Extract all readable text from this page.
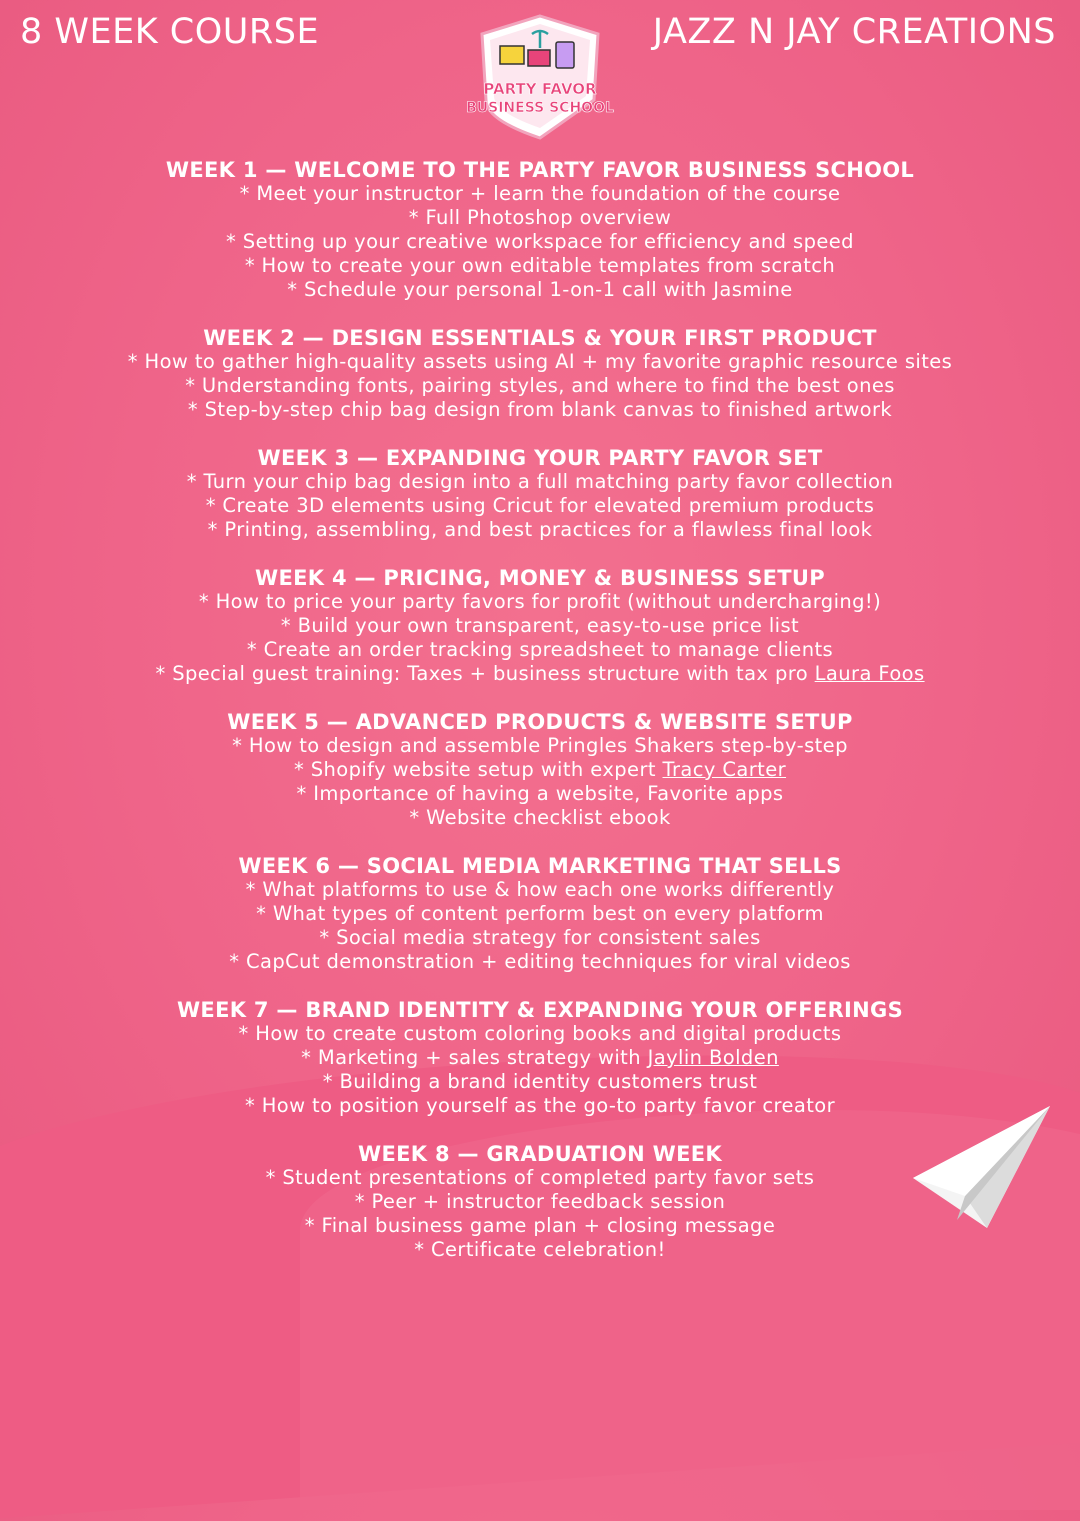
8 WEEK COURSE	JAZZ N JAY CREATIONS
PARTY FAVOR
BUSINESS SCHOOL
WEEK 1 — WELCOME TO THE PARTY FAVOR BUSINESS SCHOOL
* Meet your instructor + learn the foundation of the course
* Full Photoshop overview
* Setting up your creative workspace for efficiency and speed
* How to create your own editable templates from scratch
* Schedule your personal 1-on-1 call with Jasmine
WEEK 2 — DESIGN ESSENTIALS & YOUR FIRST PRODUCT
* How to gather high-quality assets using AI + my favorite graphic resource sites
* Understanding fonts, pairing styles, and where to find the best ones
* Step-by-step chip bag design from blank canvas to finished artwork
WEEK 3 — EXPANDING YOUR PARTY FAVOR SET
* Turn your chip bag design into a full matching party favor collection
* Create 3D elements using Cricut for elevated premium products
* Printing, assembling, and best practices for a flawless final look
WEEK 4 — PRICING, MONEY & BUSINESS SETUP
* How to price your party favors for profit (without undercharging!)
* Build your own transparent, easy-to-use price list
* Create an order tracking spreadsheet to manage clients
* Special guest training: Taxes + business structure with tax pro Laura Foos
WEEK 5 — ADVANCED PRODUCTS & WEBSITE SETUP
* How to design and assemble Pringles Shakers step-by-step
* Shopify website setup with expert Tracy Carter
* Importance of having a website, Favorite apps
* Website checklist ebook
WEEK 6 — SOCIAL MEDIA MARKETING THAT SELLS
* What platforms to use & how each one works differently
* What types of content perform best on every platform
* Social media strategy for consistent sales
* CapCut demonstration + editing techniques for viral videos
WEEK 7 — BRAND IDENTITY & EXPANDING YOUR OFFERINGS
* How to create custom coloring books and digital products
* Marketing + sales strategy with Jaylin Bolden
* Building a brand identity customers trust
* How to position yourself as the go-to party favor creator
WEEK 8 — GRADUATION WEEK
* Student presentations of completed party favor sets
* Peer + instructor feedback session
* Final business game plan + closing message
* Certificate celebration!
